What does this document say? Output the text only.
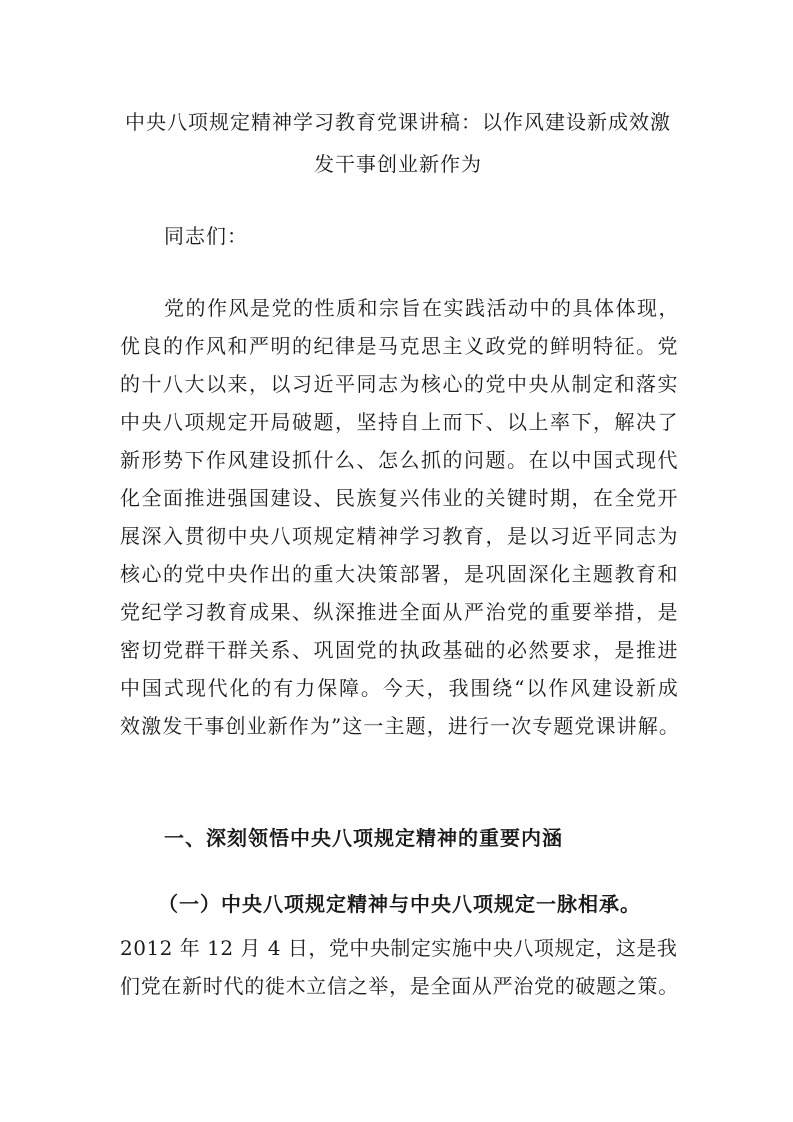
中央八项规定精神学习教育党课讲稿：以作风建设新成效激
发干事创业新作为
同志们：
党的作风是党的性质和宗旨在实践活动中的具体体现，
优良的作风和严明的纪律是马克思主义政党的鲜明特征。党
的十八大以来，以习近平同志为核心的党中央从制定和落实
中央八项规定开局破题，坚持自上而下、以上率下，解决了
新形势下作风建设抓什么、怎么抓的问题。在以中国式现代
化全面推进强国建设、民族复兴伟业的关键时期，在全党开
展深入贯彻中央八项规定精神学习教育，是以习近平同志为
核心的党中央作出的重大决策部署，是巩固深化主题教育和
党纪学习教育成果、纵深推进全面从严治党的重要举措，是
密切党群干群关系、巩固党的执政基础的必然要求，是推进
中国式现代化的有力保障。今天，我围绕“以作风建设新成
效激发干事创业新作为”这一主题，进行一次专题党课讲解。
一、深刻领悟中央八项规定精神的重要内涵
（一）中央八项规定精神与中央八项规定一脉相承。
2012 年 12 月 4 日，党中央制定实施中央八项规定，这是我
们党在新时代的徙木立信之举，是全面从严治党的破题之策。
